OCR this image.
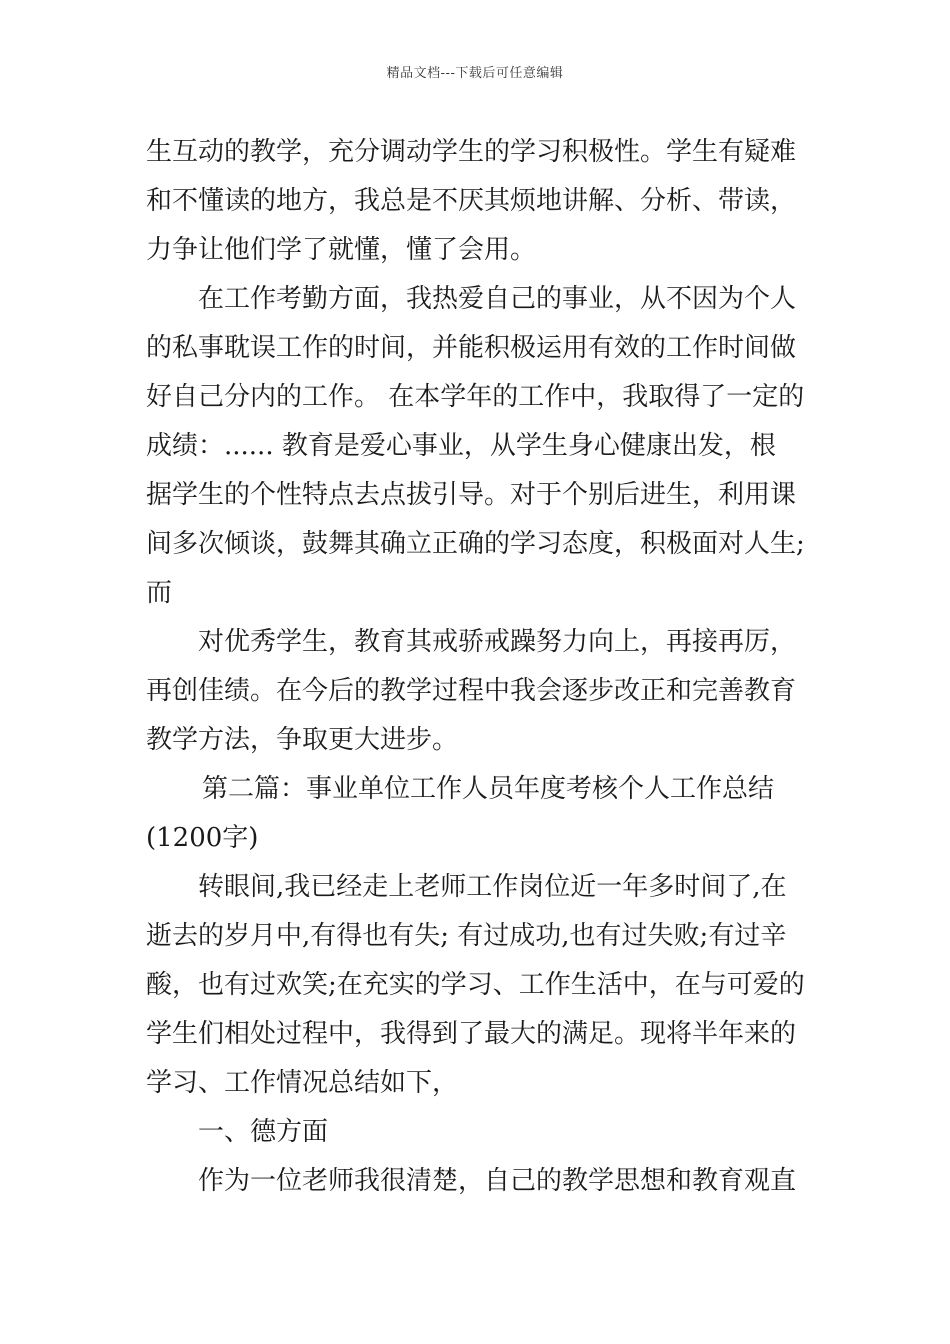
精品文档---下载后可任意编辑
生互动的教学，充分调动学生的学习积极性。学生有疑难
和不懂读的地方，我总是不厌其烦地讲解、分析、带读，
力争让他们学了就懂，懂了会用。
在工作考勤方面，我热爱自己的事业，从不因为个人
的私事耽误工作的时间，并能积极运用有效的工作时间做
好自己分内的工作。 在本学年的工作中，我取得了一定的
成绩：...... 教育是爱心事业，从学生身心健康出发，根
据学生的个性特点去点拔引导。对于个别后进生，利用课
间多次倾谈，鼓舞其确立正确的学习态度，积极面对人生;
而
对优秀学生，教育其戒骄戒躁努力向上，再接再厉，
再创佳绩。在今后的教学过程中我会逐步改正和完善教育
教学方法，争取更大进步。
第二篇：事业单位工作人员年度考核个人工作总结
(1200字)
转眼间,我已经走上老师工作岗位近一年多时间了,在
逝去的岁月中,有得也有失; 有过成功,也有过失败;有过辛
酸，也有过欢笑;在充实的学习、工作生活中，在与可爱的
学生们相处过程中，我得到了最大的满足。现将半年来的
学习、工作情况总结如下，
一、德方面
作为一位老师我很清楚，自己的教学思想和教育观直
